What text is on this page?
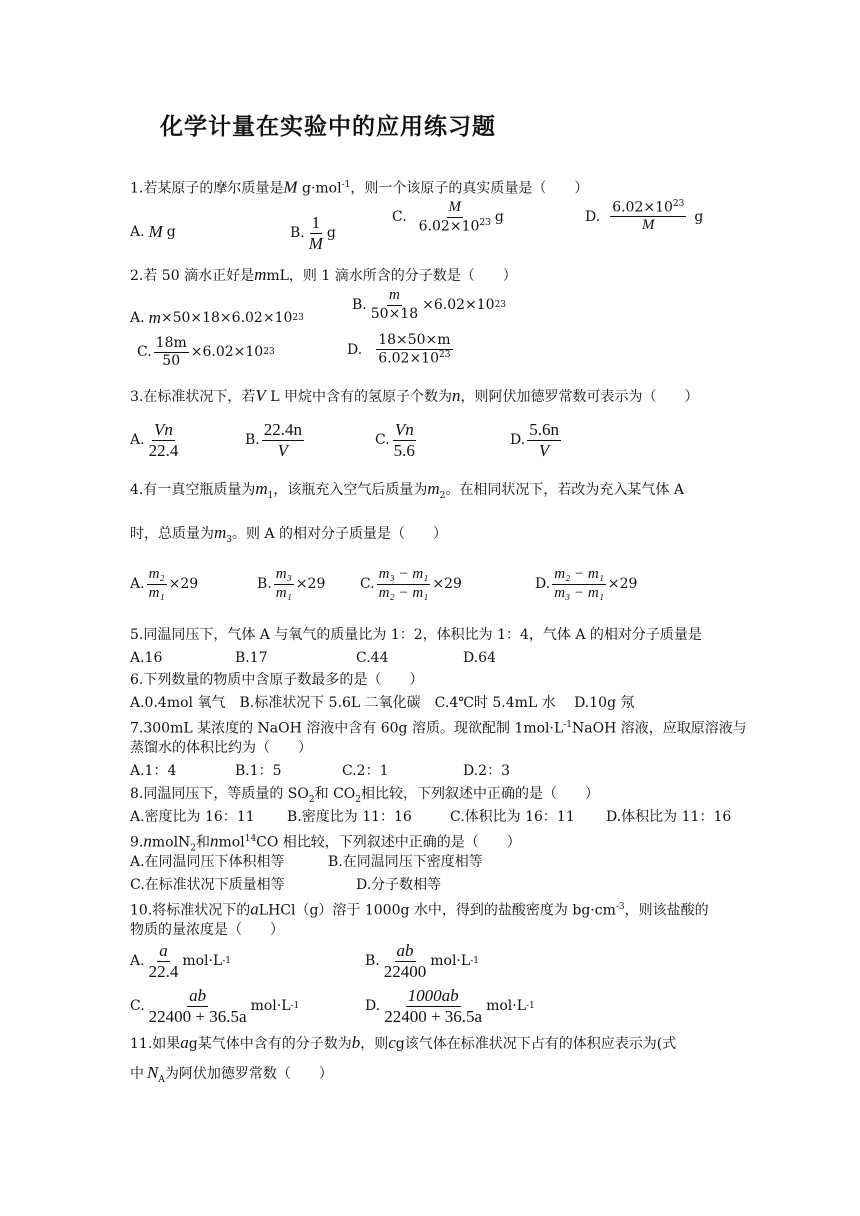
化学计量在实验中的应用练习题
1.若某原子的摩尔质量是M g·mol$^{-1}$，则一个该原子的真实质量是（　　）
A. M g	B. $\frac{1}{M}$ g
C. $\frac{M}{6.02\times 10^{23}}$ g	D. $\frac{6.02\times 10^{23}}{M}$ g
2.若 50 滴水正好是mmL，则 1 滴水所含的分子数是（　　）
A. m ×50×18×6.02×10 23
B. $\frac{m}{50\times 18} \times 6.02\times 10$ 23
C. $\frac{18m}{50} \times 6.02\times 10$ 23	D. $\frac{18\times 50\times m}{6.02\times 10^{23}}$
3.在标准状况下，若V L 甲烷中含有的氢原子个数为n，则阿伏加德罗常数可表示为（　　）
A. $\frac{Vn}{22.4}$	B. $\frac{22.4n}{V}$	C. $\frac{Vn}{5.6}$	D. $\frac{5.6n}{V}$
4.有一真空瓶质量为$m_1$，该瓶充入空气后质量为$m_2$。在相同状况下，若改为充入某气体 A
时，总质量为$m_3$。则 A 的相对分子质量是（　　）
A. $\frac{\text{m₂}}{\text{m₁}} \times 29$	B. $\frac{\text{m₃}}{\text{m₁}} \times 29$ C. $\frac{\text{m₃ − m₁}}{\text{m₂ − m₁}} \times 29$	D. $\frac{\text{m₂ − m₁}}{\text{m₃ − m₁}} \times 29$
5.同温同压下，气体 A 与氧气的质量比为 1：2，体积比为 1：4，气体 A 的相对分子质量是
A.16	B.17	C.44	D.64
6.下列数量的物质中含原子数最多的是（　　）
A.0.4mol 氧气　B.标准状况下 5.6L 二氧化碳　C.4℃时 5.4mL 水　 D.10g 氖
7.300mL 某浓度的 NaOH 溶液中含有 60g 溶质。现欲配制 $1mol\cdot L^{-1}NaOH$ 溶液，应取原溶液与
蒸馏水的体积比约为（　　）
A.1：4	B.1：5	C.2：1	D.2：3
8.同温同压下，等质量的 $SO_2$和 $CO_2$相比较，下列叙述中正确的是（　　）
A.密度比为 16：11 B.密度比为 11：16	C.体积比为 16：11 D.体积比为 11：16
9.nmolN$_2$和nmol$^{14}$CO 相比较，下列叙述中正确的是（　　）
A.在同温同压下体积相等	B.在同温同压下密度相等
C.在标准状况下质量相等	D.分子数相等
10.将标准状况下的aLHCl（g）溶于 1000g 水中，得到的盐酸密度为 $bg\cdot cm^{-3}$，则该盐酸的
物质的量浓度是（　　）
A. $\frac{a}{22.4} mol\cdot L$ -1	B. $\frac{ab}{22400} mol\cdot L$ -1
C. $\frac{ab}{22400 + 36.5a} mol\cdot L$ -1	D. $\frac{1000ab}{22400 + 36.5a} mol\cdot L$ -1
11.如果ag某气体中含有的分子数为b，则cg该气体在标准状况下占有的体积应表示为(式
中 $N_A$为阿伏加德罗常数（　　）
